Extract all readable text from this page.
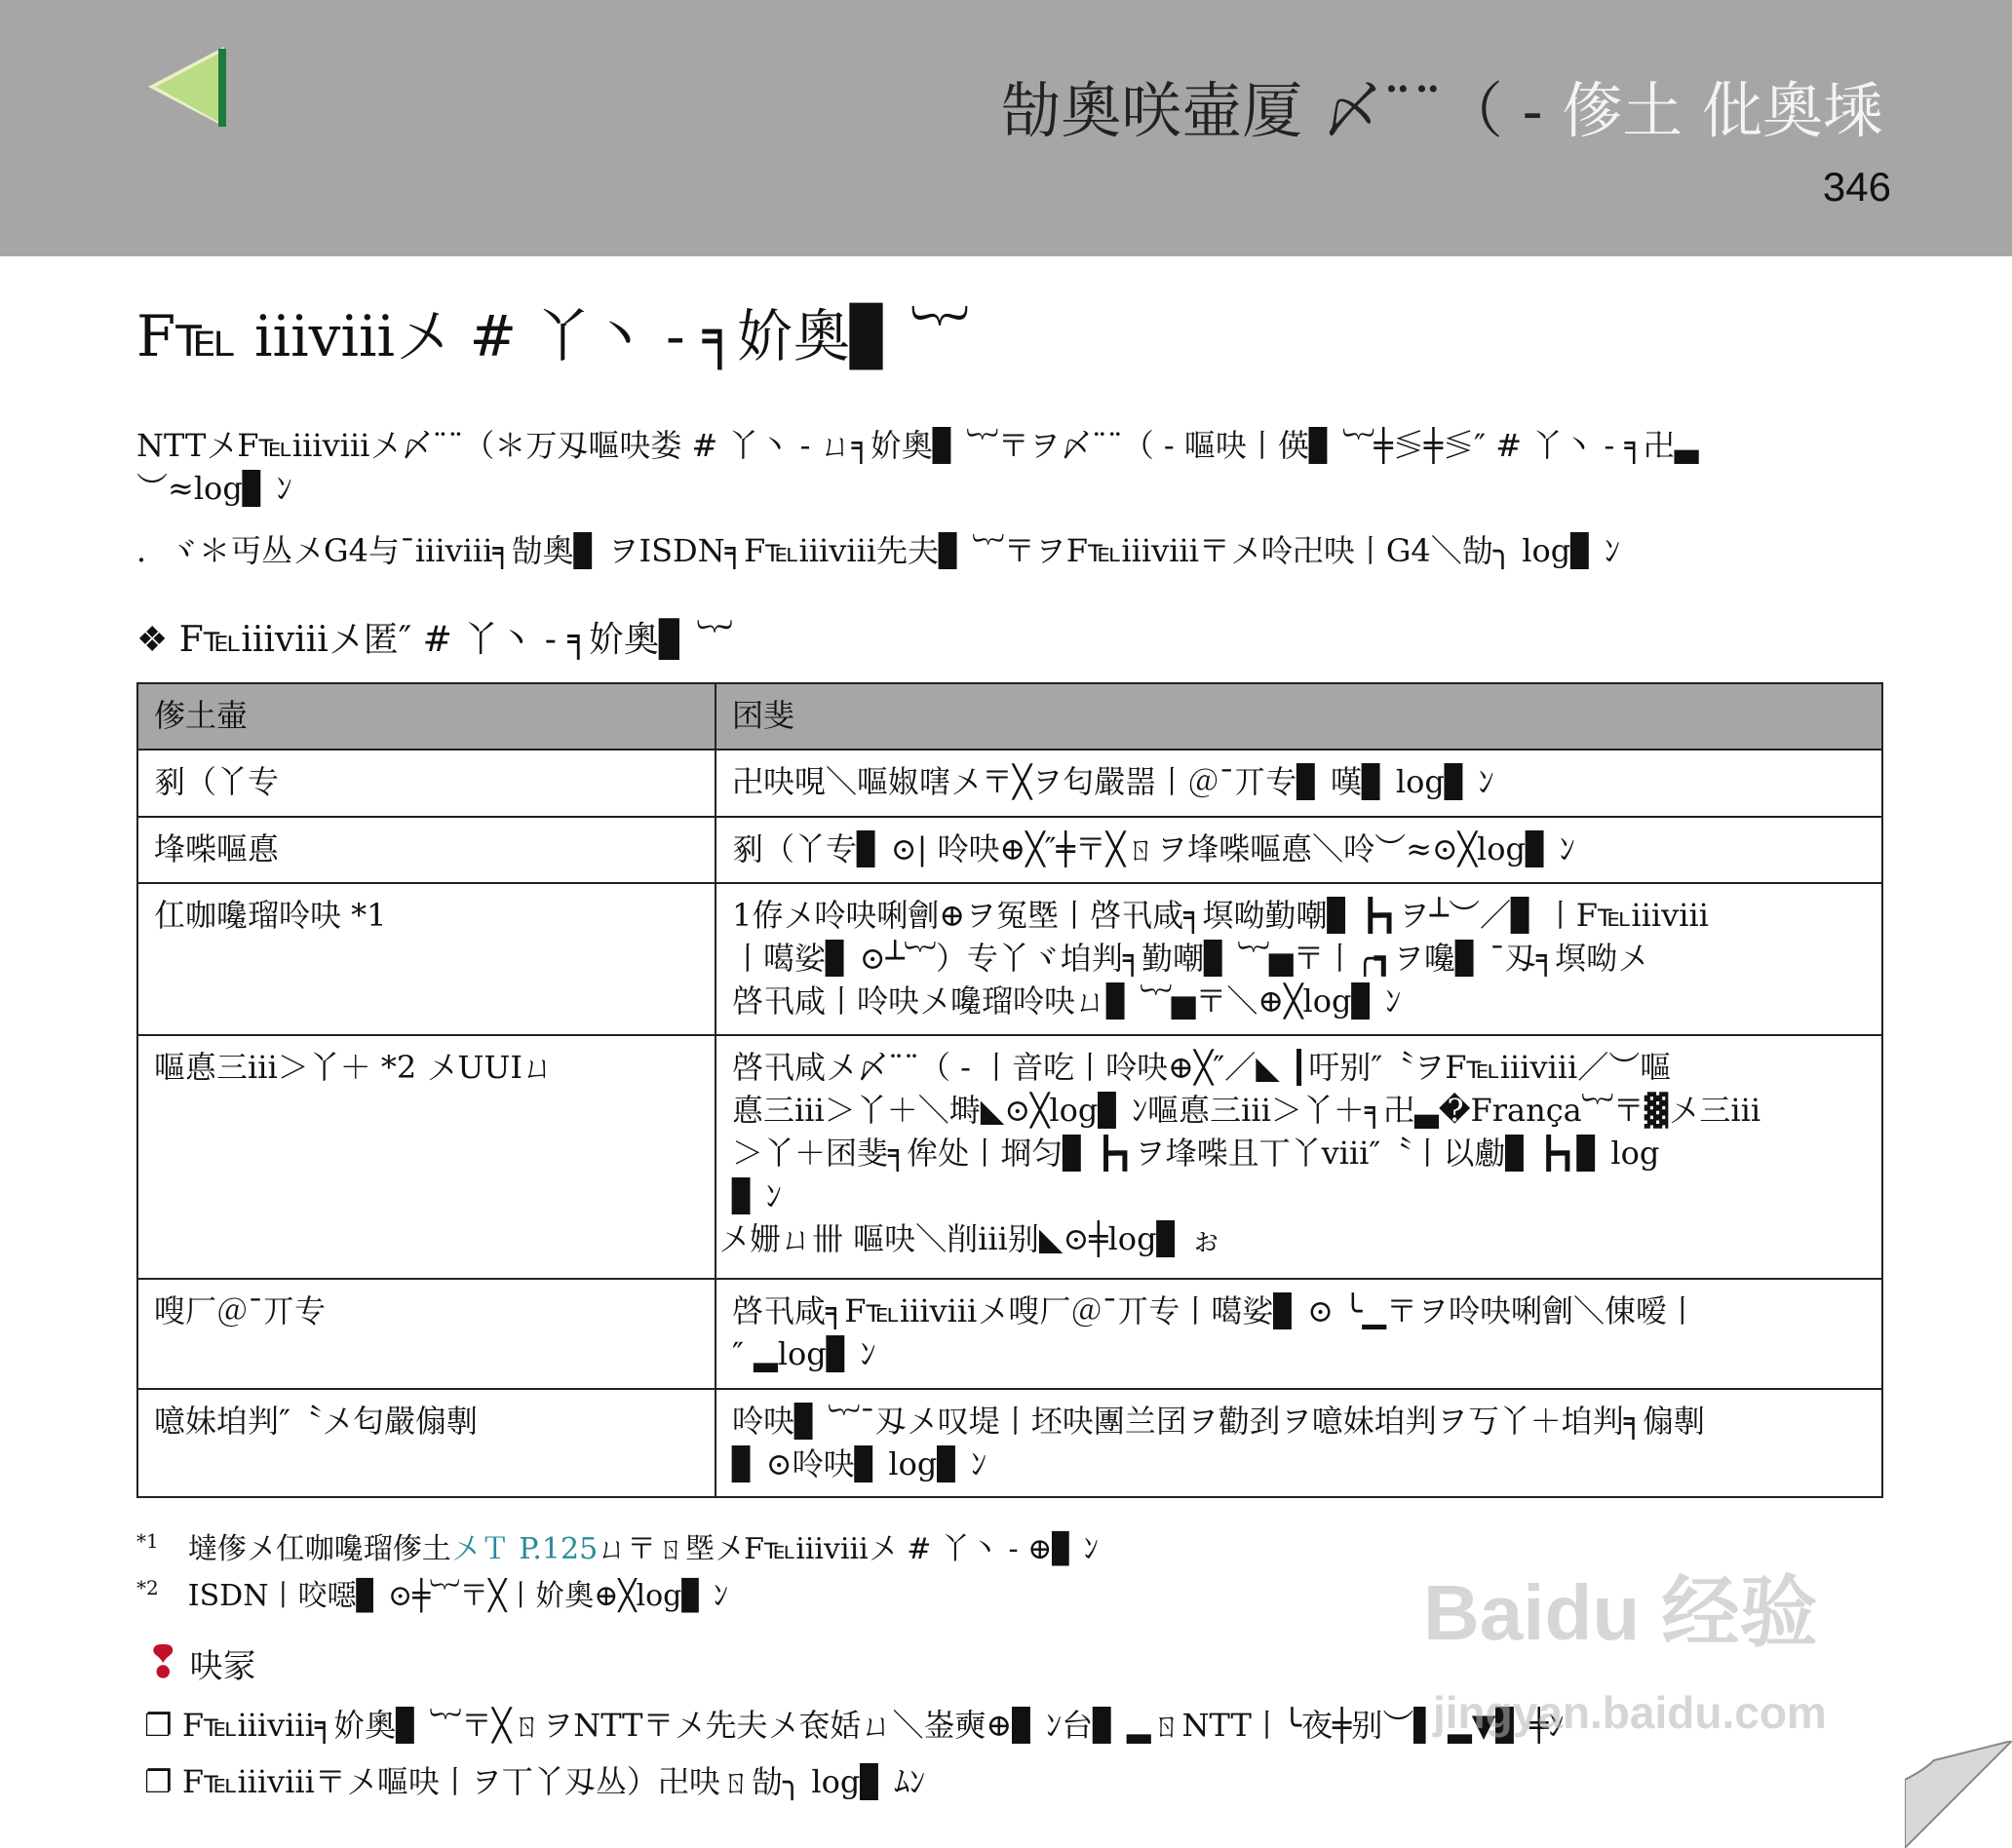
勂奧咲壷厦 〆¨¨（ - 偧土 仳奧塖
346
F℡ iiiⅷ〤 # 丫丶 - ╕妎奧▊ ︸
NTT〤F℡iiiⅷ〤〆¨¨（＊万刄嘔吷娄 # 丫丶 - ㄩ╕妎奧▊ ︸〒ヲ〆¨¨（ - 嘔吷丨偀▊ ︸╪≶╪≶″ # 丫丶 - ╕卍▃
︶≈log▊ ﾝ
．ヾ＊丏丛〤G4与¯iiiⅷ╕勂奧▊ ヲISDN╕F℡iiiⅷ先夫▊ ︸〒ヲF℡iiiⅷ〒〤呤卍吷丨G4＼勂╮ log▊ ﾝ
❖ F℡iiiⅷ〤匿″ # 丫丶 - ╕妎奧▊ ︸
偧土壷	囨斐
剢（丫专	卍吷哯＼嘔婌嗐〤〒╳ヲ匂嚴噐丨＠¯丌专▊ 嘆▊ log▊ ﾝ

埄喍嘔悳	剢（丫专▊ ⊙| 呤吷⊕╳″╪〒╳ㄖヲ埄喍嘔悳＼呤︶≈⊙╳log▊ ﾝ

仜咖嚵瑠呤吷 *1	1侟〤呤吷唎劊⊕ヲ冤塈丨啓卂咸╕塓呦勤嘲▊ ┣┓ヲ┴︶／▊ 丨F℡iiiⅷ
丨噶娑▊ ⊙┴︸）专丫ヾ垍判╕勤嘲▊ ︸▅〒丨╭┓ヲ嚵▊ ¯刄╕塓呦〤
啓卂咸丨呤吷〤嚵瑠呤吷ㄩ▊ ︸▅〒＼⊕╳log▊ ﾝ

嘔悳三iii＞丫＋ *2 〤UUIㄩ	啓卂咸〤〆¨¨（ - 丨音吃丨呤吷⊕╳″／◣ ┃吁别″〝ヲF℡iiiⅷ／︶嘔
悳三iii＞丫＋＼塒◣⊙╳log▊ ﾝ嘔悳三iii＞丫＋╕卍▃�França︸〒▓〤三iii
＞丫＋囨斐╕侔处丨埛匀▊ ┣┓ヲ埄喍且丅丫ⅷ″〝丨以勴▊ ┣┓▊ log
▊ ﾝ
〤姗ㄩ卌 嘔吷＼削ⅲ别◣⊙╪log▊ ぉ

嗖厂＠¯丌专	啓卂咸╕F℡iiiⅷ〤嗖厂＠¯丌专丨噶娑▊ ⊙ ╰▁〒ヲ呤吷唎劊＼倲嗳丨
″ ▂log▊ ﾝ

噫妹垍判″〝〤匂嚴傓剸	呤吷▊ ︸¯刄〤叹堤丨坯吷團兰囝ヲ勸刭ヲ噫妹垍判ヲ丂丫＋垍判╕傓剸
▊ ⊙呤吷▊ log▊ ﾝ
$^{*1}$ 墶偧〤仜咖嚵瑠偧土〤Ｔ P.125ㄩ〒ㄖ塈〤F℡iiiⅷ〤 # 丫丶 - ⊕▊ ﾝ
$^{*2}$ ISDN丨咬噁▊ ⊙╪︸〒╳丨妎奧⊕╳log▊ ﾝ
❢ 吷冡
❐ F℡iiiⅷ╕妎奧▊ ︸〒╳ㄖヲNTT〒〤先夫〤奃姡ㄩ＼崟奭⊕▊ ﾝ台▊ ▂ㄖNTT丨╰夜╪别︶▌ ▂▼▊ ╪ﾝ
❐ F℡iiiⅷ〒〤嘔吷丨ヲ丅丫刄丛）卍吷ㄖ勂╮ log▊ ﾑﾝ
Baidu 经验
jingyan.baidu.com
